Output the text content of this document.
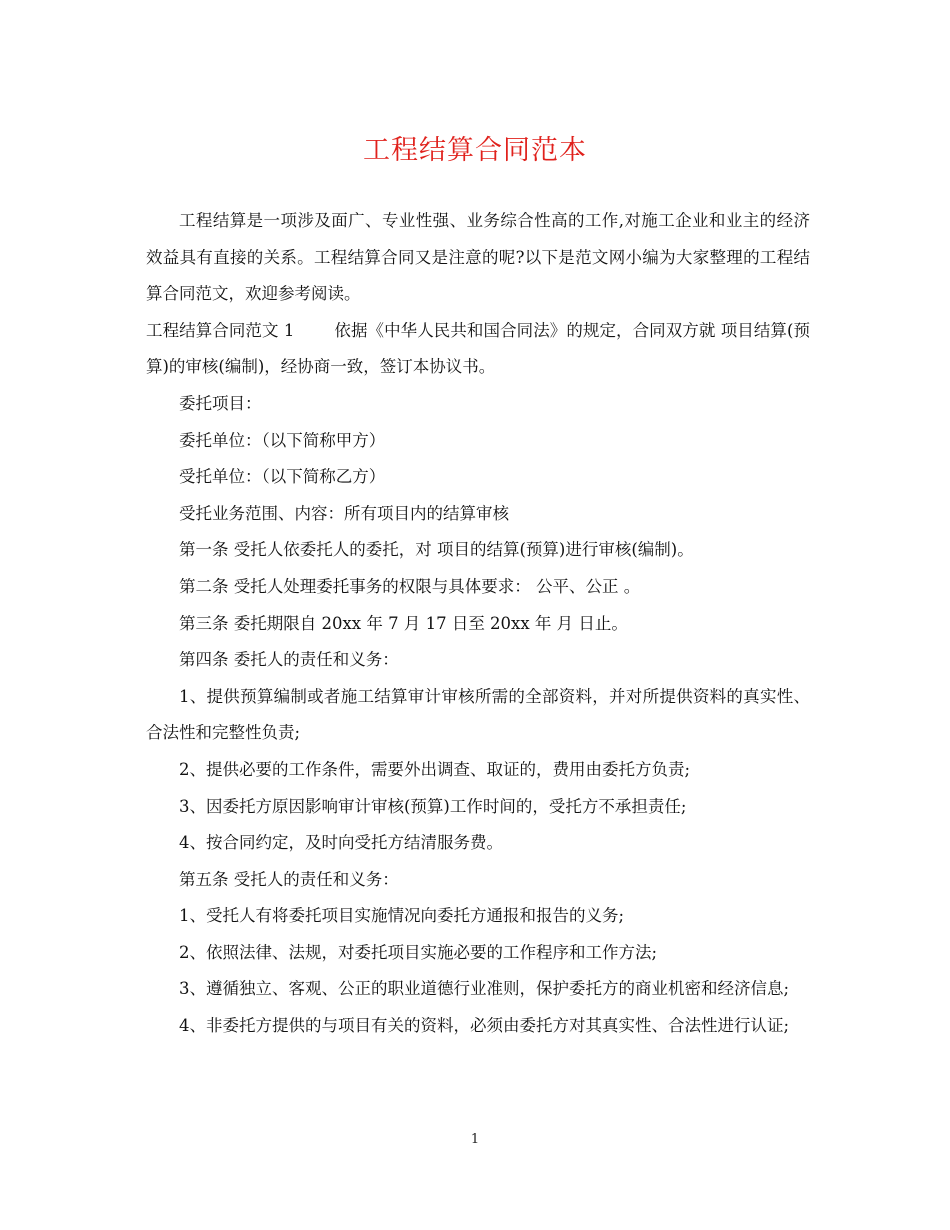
工程结算合同范本

工程结算是一项涉及面广、专业性强、业务综合性高的工作,对施工企业和业主的经济效益具有直接的关系。工程结算合同又是注意的呢?以下是范文网小编为大家整理的工程结算合同范文，欢迎参考阅读。

工程结算合同范文 1 依据《中华人民共和国合同法》的规定，合同双方就 项目结算(预算)的审核(编制)，经协商一致，签订本协议书。

委托项目：

委托单位：（以下简称甲方）

受托单位：（以下简称乙方）

受托业务范围、内容：所有项目内的结算审核

第一条 受托人依委托人的委托，对 项目的结算(预算)进行审核(编制)。

第二条 受托人处理委托事务的权限与具体要求： 公平、公正 。

第三条 委托期限自 20xx 年 7 月 17 日至 20xx 年 月 日止。

第四条 委托人的责任和义务：

1、提供预算编制或者施工结算审计审核所需的全部资料，并对所提供资料的真实性、合法性和完整性负责;

2、提供必要的工作条件，需要外出调查、取证的，费用由委托方负责;

3、因委托方原因影响审计审核(预算)工作时间的，受托方不承担责任;

4、按合同约定，及时向受托方结清服务费。

第五条 受托人的责任和义务：

1、受托人有将委托项目实施情况向委托方通报和报告的义务;

2、依照法律、法规，对委托项目实施必要的工作程序和工作方法;

3、遵循独立、客观、公正的职业道德行业准则，保护委托方的商业机密和经济信息;

4、非委托方提供的与项目有关的资料，必须由委托方对其真实性、合法性进行认证;

1
